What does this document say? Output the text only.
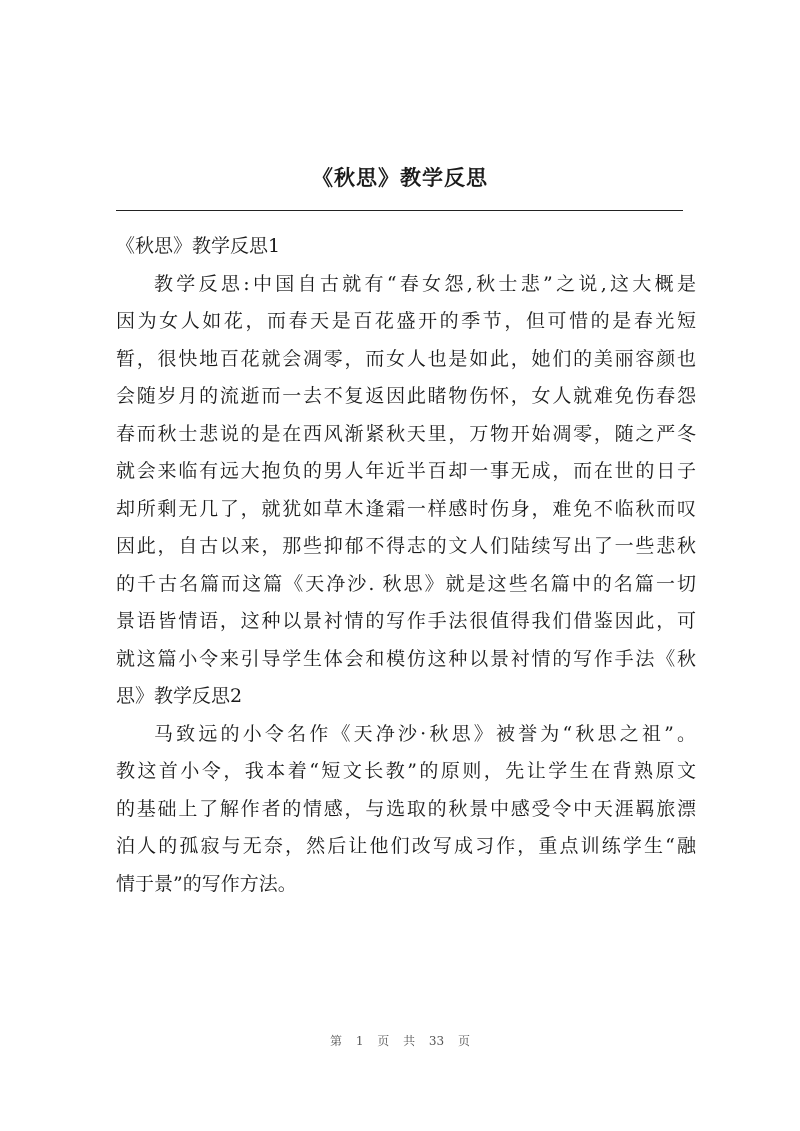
《秋思》教学反思
《秋思》教学反思1

教学反思:中国自古就有“春女怨,秋士悲”之说,这大概是
因为女人如花，而春天是百花盛开的季节，但可惜的是春光短
暂，很快地百花就会凋零，而女人也是如此，她们的美丽容颜也
会随岁月的流逝而一去不复返因此睹物伤怀，女人就难免伤春怨
春而秋士悲说的是在西风渐紧秋天里，万物开始凋零，随之严冬
就会来临有远大抱负的男人年近半百却一事无成，而在世的日子
却所剩无几了，就犹如草木逢霜一样感时伤身，难免不临秋而叹
因此，自古以来，那些抑郁不得志的文人们陆续写出了一些悲秋
的千古名篇而这篇《天净沙. 秋思》就是这些名篇中的名篇一切
景语皆情语，这种以景衬情的写作手法很值得我们借鉴因此，可
就这篇小令来引导学生体会和模仿这种以景衬情的写作手法《秋
思》教学反思2

马致远的小令名作《天净沙·秋思》被誉为“秋思之祖”。
教这首小令，我本着“短文长教”的原则，先让学生在背熟原文
的基础上了解作者的情感，与选取的秋景中感受令中天涯羁旅漂
泊人的孤寂与无奈，然后让他们改写成习作，重点训练学生“融
情于景”的写作方法。

第 1 页 共 33 页
